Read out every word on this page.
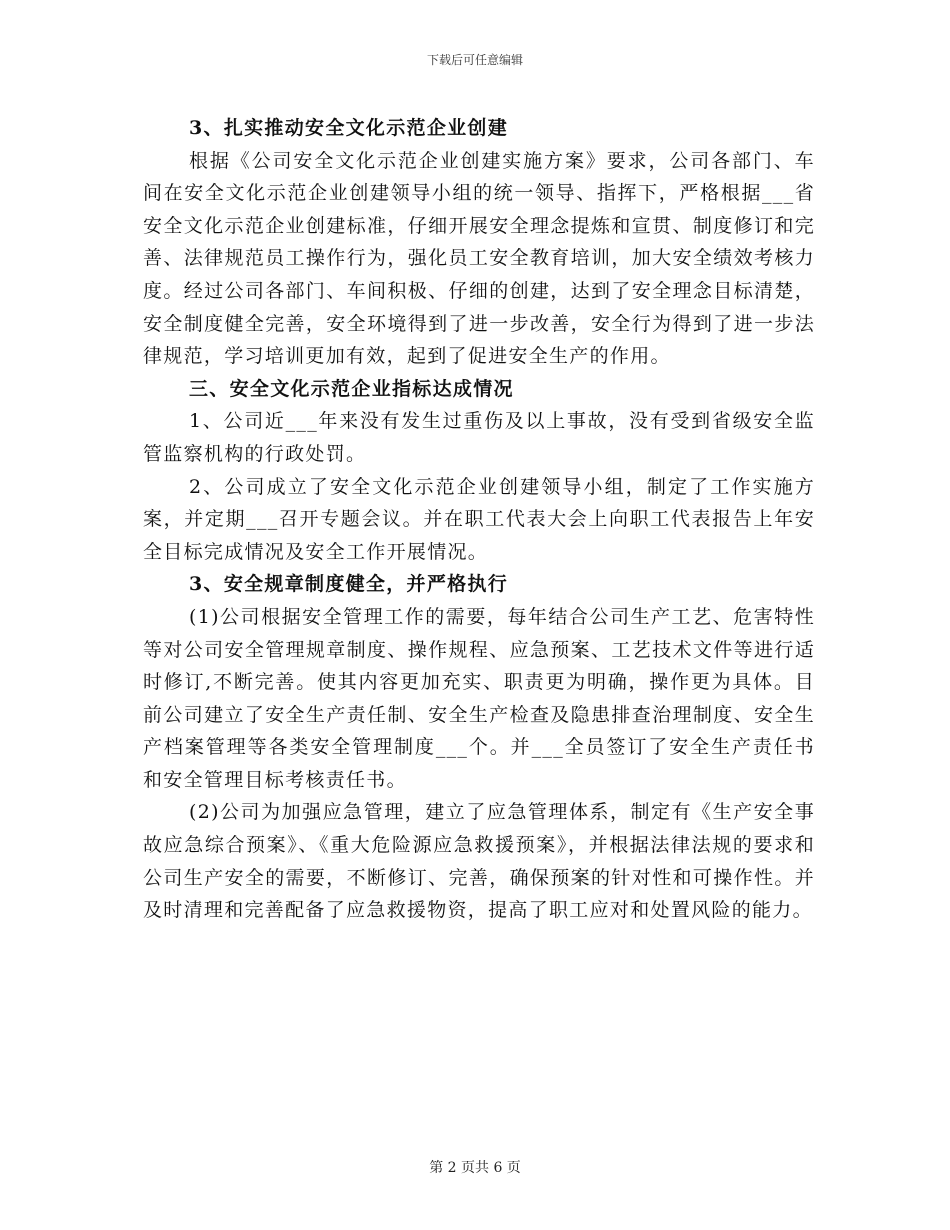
下载后可任意编辑

3、扎实推动安全文化示范企业创建

根据《公司安全文化示范企业创建实施方案》要求，公司各部门、车间在安全文化示范企业创建领导小组的统一领导、指挥下，严格根据___省安全文化示范企业创建标准，仔细开展安全理念提炼和宣贯、制度修订和完善、法律规范员工操作行为，强化员工安全教育培训，加大安全绩效考核力度。经过公司各部门、车间积极、仔细的创建，达到了安全理念目标清楚，安全制度健全完善，安全环境得到了进一步改善，安全行为得到了进一步法律规范，学习培训更加有效，起到了促进安全生产的作用。

三、安全文化示范企业指标达成情况

1、公司近___年来没有发生过重伤及以上事故，没有受到省级安全监管监察机构的行政处罚。

2、公司成立了安全文化示范企业创建领导小组，制定了工作实施方案，并定期___召开专题会议。并在职工代表大会上向职工代表报告上年安全目标完成情况及安全工作开展情况。

3、安全规章制度健全，并严格执行

(1)公司根据安全管理工作的需要，每年结合公司生产工艺、危害特性等对公司安全管理规章制度、操作规程、应急预案、工艺技术文件等进行适时修订,不断完善。使其内容更加充实、职责更为明确，操作更为具体。目前公司建立了安全生产责任制、安全生产检查及隐患排查治理制度、安全生产档案管理等各类安全管理制度___个。并___全员签订了安全生产责任书和安全管理目标考核责任书。

(2)公司为加强应急管理，建立了应急管理体系，制定有《生产安全事故应急综合预案》、《重大危险源应急救援预案》，并根据法律法规的要求和公司生产安全的需要，不断修订、完善，确保预案的针对性和可操作性。并及时清理和完善配备了应急救援物资，提高了职工应对和处置风险的能力。

第 2 页共 6 页
